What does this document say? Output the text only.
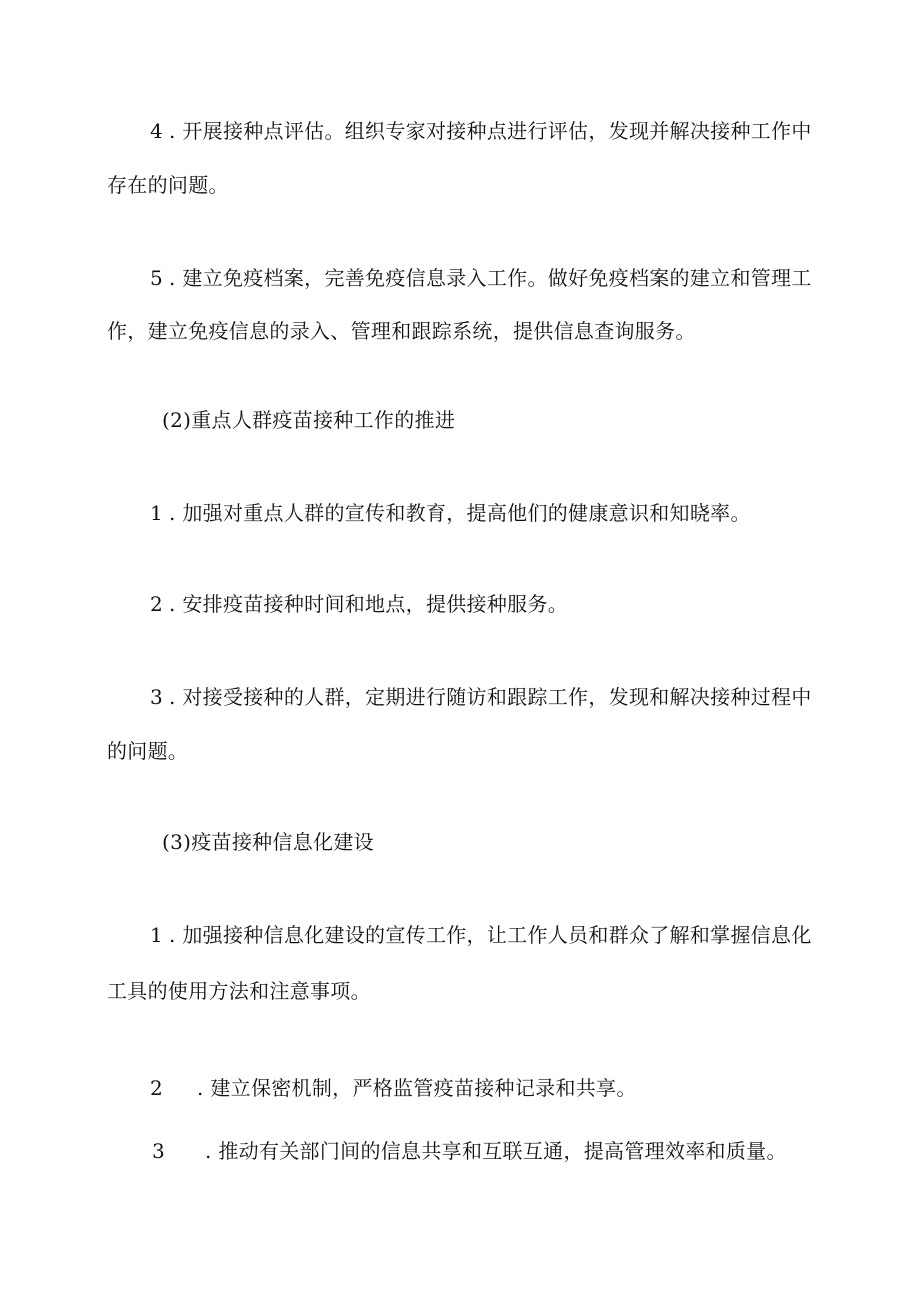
4 . 开展接种点评估。组织专家对接种点进行评估，发现并解决接种工作中
存在的问题。
5 . 建立免疫档案，完善免疫信息录入工作。做好免疫档案的建立和管理工
作，建立免疫信息的录入、管理和跟踪系统，提供信息查询服务。
(2)重点人群疫苗接种工作的推进
1 . 加强对重点人群的宣传和教育，提高他们的健康意识和知晓率。
2 . 安排疫苗接种时间和地点，提供接种服务。
3 . 对接受接种的人群，定期进行随访和跟踪工作，发现和解决接种过程中
的问题。
(3)疫苗接种信息化建设
1 . 加强接种信息化建设的宣传工作，让工作人员和群众了解和掌握信息化
工具的使用方法和注意事项。
2 . 建立保密机制，严格监管疫苗接种记录和共享。
3 . 推动有关部门间的信息共享和互联互通，提高管理效率和质量。
